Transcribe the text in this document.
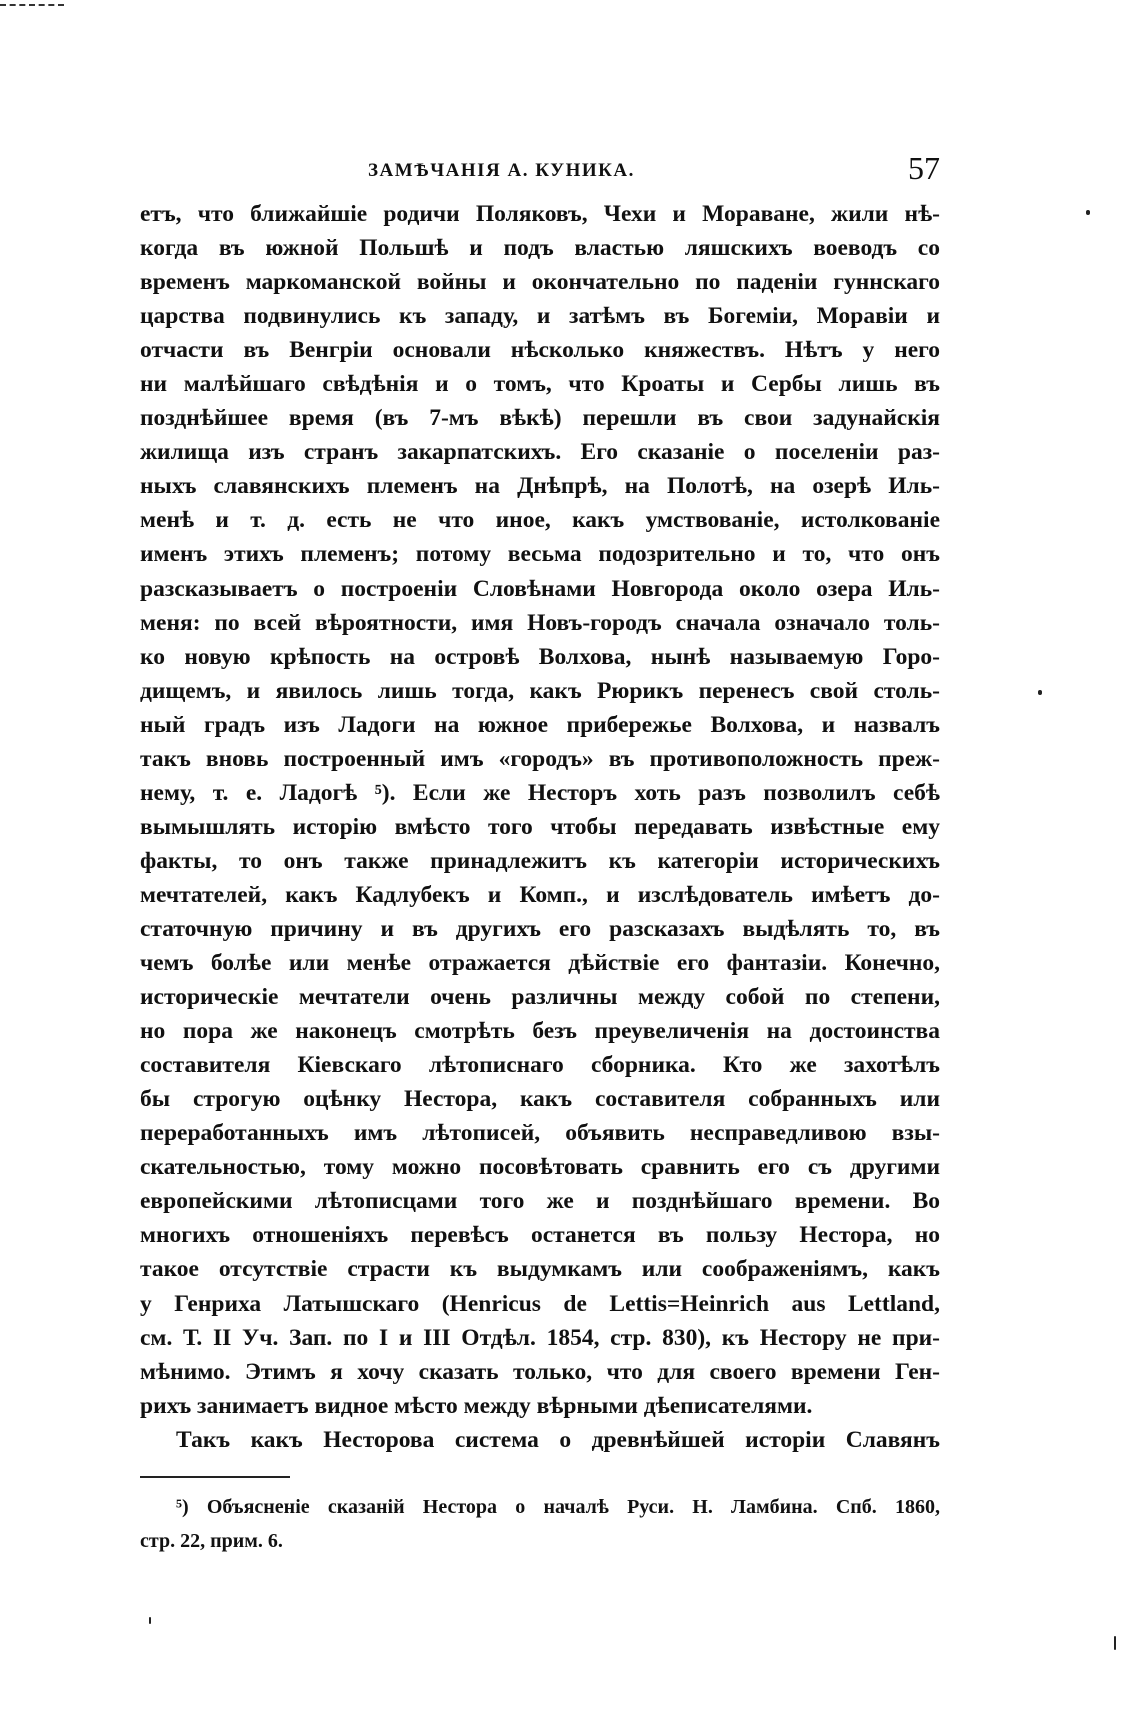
ЗАМѢЧАНІЯ А. КУНИКА.	57
етъ, что ближайшіе родичи Поляковъ, Чехи и Мораване, жили нѣ-
когда въ южной Польшѣ и подъ властью ляшскихъ воеводъ со
временъ маркоманской войны и окончательно по паденіи гуннскаго
царства подвинулись къ западу, и затѣмъ въ Богеміи, Моравіи и
отчасти въ Венгріи основали нѣсколько княжествъ. Нѣтъ у него
ни малѣйшаго свѣдѣнія и о томъ, что Кроаты и Сербы лишь въ
позднѣйшее время (въ 7-мъ вѣкѣ) перешли въ свои задунайскія
жилища изъ странъ закарпатскихъ. Его сказаніе о поселеніи раз-
ныхъ славянскихъ племенъ на Днѣпрѣ, на Полотѣ, на озерѣ Иль-
менѣ и т. д. есть не что иное, какъ умствованіе, истолкованіе
именъ этихъ племенъ; потому весьма подозрительно и то, что онъ
разсказываетъ о построеніи Словѣнами Новгорода около озера Иль-
меня: по всей вѣроятности, имя Новъ-городъ сначала означало толь-
ко новую крѣпость на островѣ Волхова, нынѣ называемую Горо-
дищемъ, и явилось лишь тогда, какъ Рюрикъ перенесъ свой столь-
ный градъ изъ Ладоги на южное прибережье Волхова, и назвалъ
такъ вновь построенный имъ «городъ» въ противоположность преж-
нему, т. е. Ладогѣ ⁵). Если же Несторъ хоть разъ позволилъ себѣ
вымышлять исторію вмѣсто того чтобы передавать извѣстные ему
факты, то онъ также принадлежитъ къ категоріи историческихъ
мечтателей, какъ Кадлубекъ и Комп., и изслѣдователь имѣетъ до-
статочную причину и въ другихъ его разсказахъ выдѣлять то, въ
чемъ болѣе или менѣе отражается дѣйствіе его фантазіи. Конечно,
историческіе мечтатели очень различны между собой по степени,
но пора же наконецъ смотрѣть безъ преувеличенія на достоинства
составителя Кіевскаго лѣтописнаго сборника. Кто же захотѣлъ
бы строгую оцѣнку Нестора, какъ составителя собранныхъ или
переработанныхъ имъ лѣтописей, объявить несправедливою взы-
скательностью, тому можно посовѣтовать сравнить его съ другими
европейскими лѣтописцами того же и позднѣйшаго времени. Во
многихъ отношеніяхъ перевѣсъ останется въ пользу Нестора, но
такое отсутствіе страсти къ выдумкамъ или соображеніямъ, какъ
у Генриха Латышскаго (Henricus de Lettis=Heinrich aus Lettland,
см. Т. II Уч. Зап. по I и III Отдѣл. 1854, стр. 830), къ Нестору не при-
мѣнимо. Этимъ я хочу сказать только, что для своего времени Ген-
рихъ занимаетъ видное мѣсто между вѣрными дѣеписателями.
Такъ какъ Несторова система о древнѣйшей исторіи Славянъ
⁵) Объясненіе сказаній Нестора о началѣ Руси. Н. Ламбина. Спб. 1860,
стр. 22, прим. 6.
